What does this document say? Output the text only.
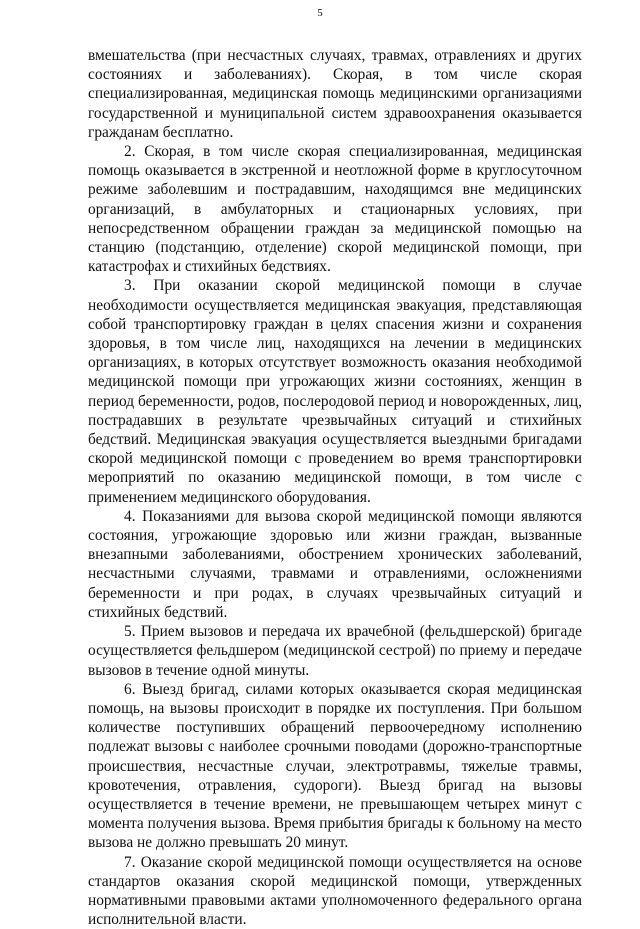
5

вмешательства (при несчастных случаях, травмах, отравлениях и других состояниях и заболеваниях). Скорая, в том числе скорая специализированная, медицинская помощь медицинскими организациями государственной и муниципальной систем здравоохранения оказывается гражданам бесплатно.

2. Скорая, в том числе скорая специализированная, медицинская помощь оказывается в экстренной и неотложной форме в круглосуточном режиме заболевшим и пострадавшим, находящимся вне медицинских организаций, в амбулаторных и стационарных условиях, при непосредственном обращении граждан за медицинской помощью на станцию (подстанцию, отделение) скорой медицинской помощи, при катастрофах и стихийных бедствиях.

3. При оказании скорой медицинской помощи в случае необходимости осуществляется медицинская эвакуация, представляющая собой транспортировку граждан в целях спасения жизни и сохранения здоровья, в том числе лиц, находящихся на лечении в медицинских организациях, в которых отсутствует возможность оказания необходимой медицинской помощи при угрожающих жизни состояниях, женщин в период беременности, родов, послеродовой период и новорожденных, лиц, пострадавших в результате чрезвычайных ситуаций и стихийных бедствий. Медицинская эвакуация осуществляется выездными бригадами скорой медицинской помощи с проведением во время транспортировки мероприятий по оказанию медицинской помощи, в том числе с применением медицинского оборудования.

4. Показаниями для вызова скорой медицинской помощи являются состояния, угрожающие здоровью или жизни граждан, вызванные внезапными заболеваниями, обострением хронических заболеваний, несчастными случаями, травмами и отравлениями, осложнениями беременности и при родах, в случаях чрезвычайных ситуаций и стихийных бедствий.

5. Прием вызовов и передача их врачебной (фельдшерской) бригаде осуществляется фельдшером (медицинской сестрой) по приему и передаче вызовов в течение одной минуты.

6. Выезд бригад, силами которых оказывается скорая медицинская помощь, на вызовы происходит в порядке их поступления. При большом количестве поступивших обращений первоочередному исполнению подлежат вызовы с наиболее срочными поводами (дорожно-транспортные происшествия, несчастные случаи, электротравмы, тяжелые травмы, кровотечения, отравления, судороги). Выезд бригад на вызовы осуществляется в течение времени, не превышающем четырех минут с момента получения вызова. Время прибытия бригады к больному на место вызова не должно превышать 20 минут.

7. Оказание скорой медицинской помощи осуществляется на основе стандартов оказания скорой медицинской помощи, утвержденных нормативными правовыми актами уполномоченного федерального органа исполнительной власти.
